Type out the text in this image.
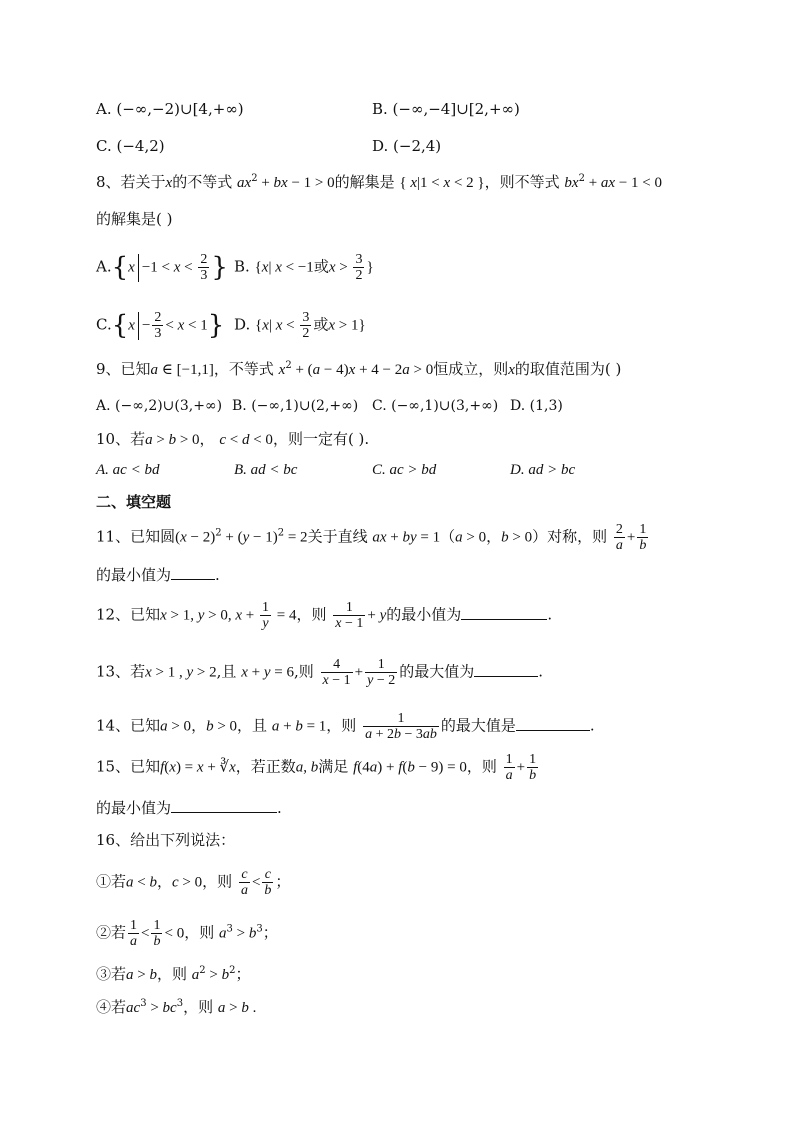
A. (−∞,−2)∪[4,+∞)	B. (−∞,−4]∪[2,+∞)
C. (−4,2)	D. (−2,4)
8、若关于x的不等式 $ax^2$ + bx − 1 > 0的解集是 { x|1 < x < 2 }，则不等式 $bx^2$ + ax − 1 < 0
的解集是( )
$A.\{x -1 < x < \frac{2}{3}$ } B. {x| x < −1或$x > \frac{3}{2}$ }
$C.\{x - \frac{2}{3} < x < 1\}$ D. {x| $x < \frac{3}{2}$ 或x > 1}
9、已知a ∈ [−1,1]，不等式 $x^2 + (a - 4)x + 4 - 2a > 0$恒成立，则x的取值范围为( )
A. (−∞,2)∪(3,+∞) B. (−∞,1)∪(2,+∞) C. (−∞,1)∪(3,+∞) D. (1,3)
10、若a > b > 0， c < d < 0，则一定有( ).
A. ac < bd	B. ad < bc	C. ac > bd	D. ad > bc
二、填空题
11、已知圆$(x - 2)^2 + (y - 1)^2 = 2$关于直线 ax + by = 1（a > 0，b > 0）对称，则 $\frac{2}{a} + \frac{1}{b}$
的最小值为	.
12、已知x > 1, y > 0, $x + \frac{1}{y} = 4$，则 $\frac{1}{x - 1} + y$的最小值为	.
13、若x > 1 , y > 2,且 x + y = 6,则 $\frac{4}{x - 1} + \frac{1}{y - 2}$ 的最大值为	.
14、已知a > 0，b > 0，且 a + b = 1，则 $\frac{1}{a + 2b - 3ab}$ 的最大值是	.
15、已知f(x) = x + ∛x，若正数a, b满足 f(4a) + f(b − 9) = 0，则 $\frac{1}{a} + \frac{1}{b}$
的最小值为	.
16、给出下列说法：
①若a < b，c > 0，则 $\frac{c}{a} < \frac{c}{b}$ ；
②若 $\frac{1}{a} < \frac{1}{b} < 0$，则 $a^3 > b^3$；
③若a > b，则 $a^2 > b^2$；
④若$ac^3 > bc^3$，则 a > b .
